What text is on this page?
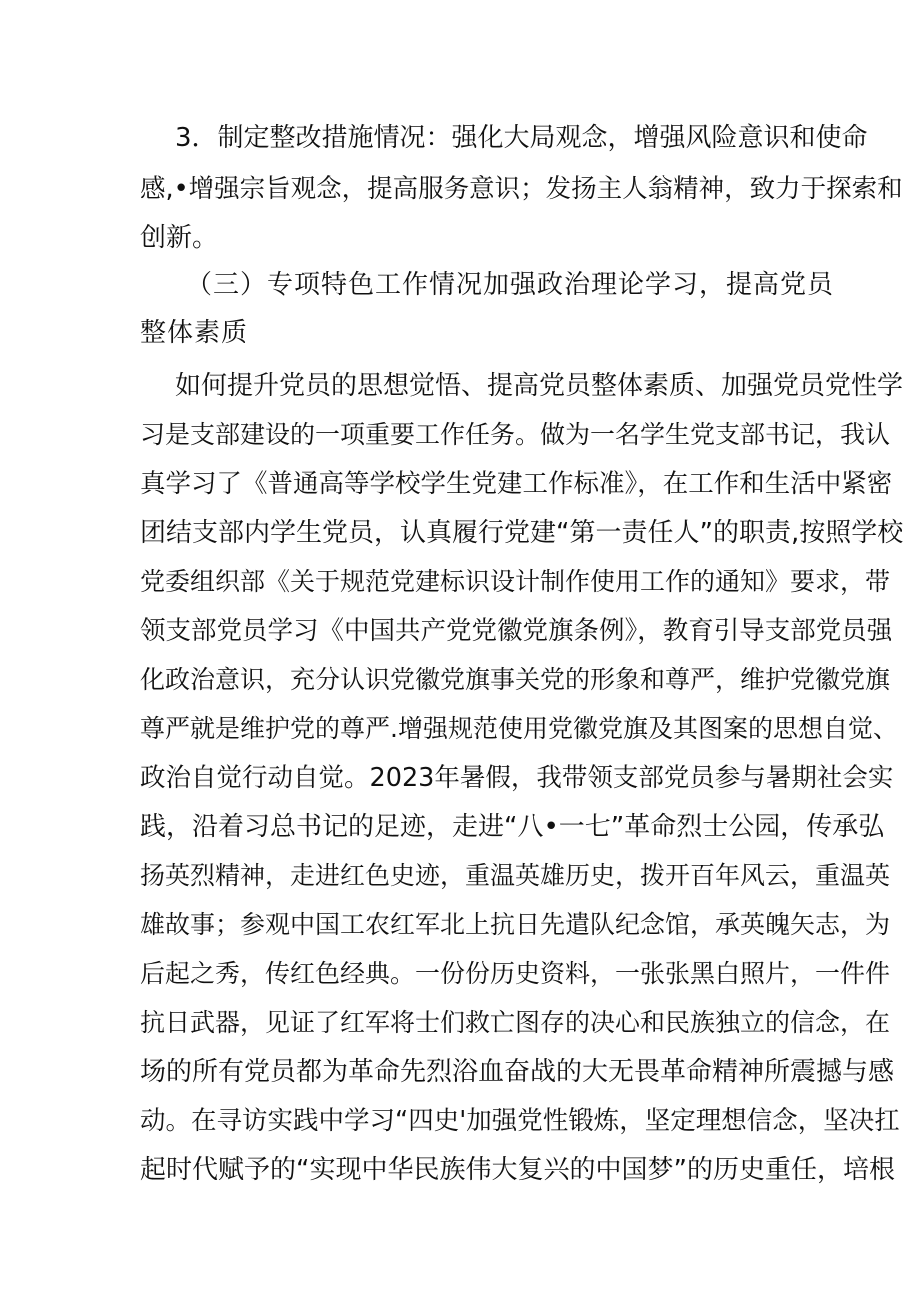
3．制定整改措施情况：强化大局观念，增强风险意识和使命
感,•增强宗旨观念，提高服务意识；发扬主人翁精神，致力于探索和
创新。
（三）专项特色工作情况加强政治理论学习，提高党员
整体素质
如何提升党员的思想觉悟、提高党员整体素质、加强党员党性学
习是支部建设的一项重要工作任务。做为一名学生党支部书记，我认
真学习了《普通高等学校学生党建工作标准》，在工作和生活中紧密
团结支部内学生党员，认真履行党建“第一责任人”的职责,按照学校
党委组织部《关于规范党建标识设计制作使用工作的通知》要求，带
领支部党员学习《中国共产党党徽党旗条例》，教育引导支部党员强
化政治意识，充分认识党徽党旗事关党的形象和尊严，维护党徽党旗
尊严就是维护党的尊严.增强规范使用党徽党旗及其图案的思想自觉、
政治自觉行动自觉。2023年暑假，我带领支部党员参与暑期社会实
践，沿着习总书记的足迹，走进“八•一七”革命烈士公园，传承弘
扬英烈精神，走进红色史迹，重温英雄历史，拨开百年风云，重温英
雄故事；参观中国工农红军北上抗日先遣队纪念馆，承英魄矢志，为
后起之秀，传红色经典。一份份历史资料，一张张黑白照片，一件件
抗日武器，见证了红军将士们救亡图存的决心和民族独立的信念，在
场的所有党员都为革命先烈浴血奋战的大无畏革命精神所震撼与感
动。在寻访实践中学习“四史'加强党性锻炼，坚定理想信念，坚决扛
起时代赋予的“实现中华民族伟大复兴的中国梦”的历史重任，培根
